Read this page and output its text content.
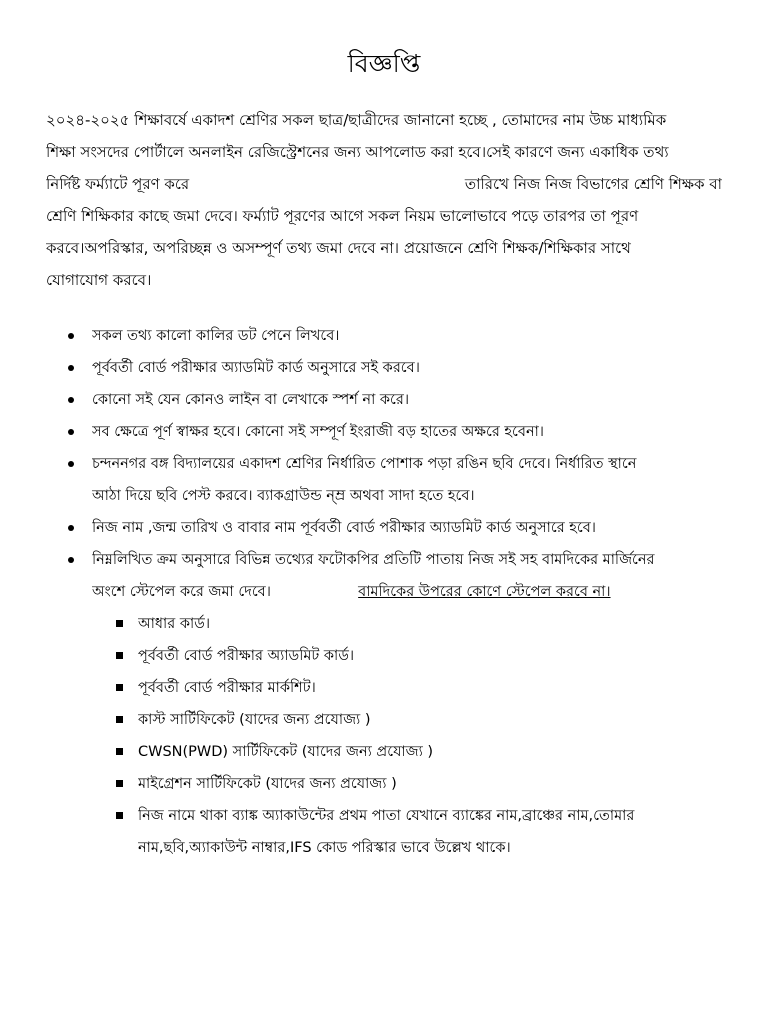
বিজ্ঞপ্তি
২০২৪-২০২৫ শিক্ষাবর্ষে একাদশ শ্রেণির সকল ছাত্র/ছাত্রীদের জানানো হচ্ছে , তোমাদের নাম উচ্চ মাধ্যমিক
শিক্ষা সংসদের পোর্টালে অনলাইন রেজিস্ট্রেশনের জন্য আপলোড করা হবে।সেই কারণে জন্য একাধিক তথ্য
নির্দিষ্ট ফর্ম্যাটে পূরণ করে	তারিখে নিজ নিজ বিভাগের শ্রেণি শিক্ষক বা
শ্রেণি শিক্ষিকার কাছে জমা দেবে। ফর্ম্যাট পূরণের আগে সকল নিয়ম ভালোভাবে পড়ে তারপর তা পূরণ
করবে।অপরিস্কার, অপরিচ্ছন্ন ও অসম্পূর্ণ তথ্য জমা দেবে না। প্রয়োজনে শ্রেণি শিক্ষক/শিক্ষিকার সাথে
যোগাযোগ করবে।
সকল তথ্য কালো কালির ডট পেনে লিখবে।
পূর্ববর্তী বোর্ড পরীক্ষার অ্যাডমিট কার্ড অনুসারে সই করবে।
কোনো সই যেন কোনও লাইন বা লেখাকে স্পর্শ না করে।
সব ক্ষেত্রে পূর্ণ স্বাক্ষর হবে। কোনো সই সম্পূর্ণ ইংরাজী বড় হাতের অক্ষরে হবেনা।
চন্দননগর বঙ্গ বিদ্যালয়ের একাদশ শ্রেণির নির্ধারিত পোশাক পড়া রঙিন ছবি দেবে। নির্ধারিত স্থানে
আঠা দিয়ে ছবি পেস্ট করবে। ব্যাকগ্রাউন্ড ন্ম্র অথবা সাদা হতে হবে।
নিজ নাম ,জন্ম তারিখ ও বাবার নাম পূর্ববর্তী বোর্ড পরীক্ষার অ্যাডমিট কার্ড অনুসারে হবে।
নিম্নলিখিত ক্রম অনুসারে বিভিন্ন তথ্যের ফটোকপির প্রতিটি পাতায় নিজ সই সহ বামদিকের মার্জিনের
অংশে স্টেপেল করে জমা দেবে।	বামদিকের উপরের কোণে স্টেপেল করবে না।
আধার কার্ড।
পূর্ববর্তী বোর্ড পরীক্ষার অ্যাডমিট কার্ড।
পূর্ববর্তী বোর্ড পরীক্ষার মার্কশিট।
কাস্ট সার্টিফিকেট (যাদের জন্য প্রযোজ্য )
CWSN(PWD) সার্টিফিকেট (যাদের জন্য প্রযোজ্য )
মাইগ্রেশন সার্টিফিকেট (যাদের জন্য প্রযোজ্য )
নিজ নামে থাকা ব্যাঙ্ক অ্যাকাউন্টের প্রথম পাতা যেখানে ব্যাঙ্কের নাম,ব্রাঞ্চের নাম,তোমার
নাম,ছবি,অ্যাকাউন্ট নাম্বার,IFS কোড পরিস্কার ভাবে উল্লেখ থাকে।
